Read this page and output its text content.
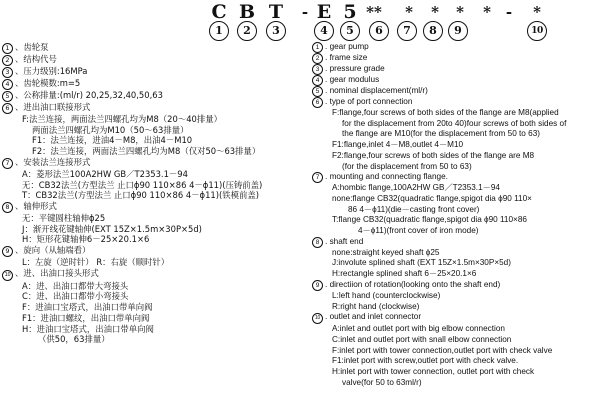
C B T	- E 5 **	*	*	*	* -	*
1	2	3	4	5	6	7	8	9	10
1 、齿轮泵
2 、结构代号
3 、压力级别:16MPa
4 、齿轮模数:m=5
5 、公称排量:(ml/r) 20,25,32,40,50,63
6 、进出油口联接形式
F:法兰连接，两面法兰四螺孔均为M8（20～40排量）
两面法兰四螺孔均为M10（50～63排量）
F1：法兰连接，进油4－M8，出油4－M10
F2：法兰连接，两面法兰四螺孔均为M8（仅对50～63排量）
7 、安装法兰连接形式
A：菱形法兰100A2HW GB／T2353.1－94
无：CB32法兰(方型法兰 止口ϕ90 110×86 4－ϕ11)(压铸前盖)
T：CB32法兰(方型法兰 止口ϕ90 110×86 4－ϕ11)(铁模前盖)
8 、轴伸形式
无：平键圆柱轴伸ϕ25
J：渐开线花键轴伸(EXT 15Z×1.5m×30P×5d)
H：矩形花键轴伸6－25×20.1×6
9 、旋向（从轴端看）
L：左旋（逆时针） R：右旋（顺时针）
10 、进、出油口接头形式
A：进、出油口都带大弯接头
C：进、出油口都带小弯接头
F：进油口宝塔式，出油口带单向阀
F1：进油口螺纹，出油口带单向阀
H：进油口宝塔式，出油口带单向阀
（供50，63排量）
1 . gear pump
2 . frame size
3 . pressure grade
4 . gear modulus
5 . nominal displacement(ml/r)
6 . type of port connection
F:flange,four screws of both sides of the flange are M8(applied
for the displacement from 20to 40)four screws of both sides of
the flange are M10(for the displacement from 50 to 63)
F1:flange,inlet 4－M8,outlet 4－M10
F2:flange,four screws of both sides of the flange are M8
(for the displacement from 50 to 63)
7 . mounting and connecting flange.
A:hombic flange,100A2HW GB／T2353.1－94
none:flange CB32(quadratic flange,spigot dia ϕ90 110×
86 4－ϕ11)(die－casting front cover)
T:flange CB32(quadratic flange,spigot dia ϕ90 110×86
4－ϕ11)(front cover of iron mode)
8 . shaft end
none:straight keyed shaft ϕ25
J:involute splined shaft (EXT 15Z×1.5m×30P×5d)
H:rectangle splined shaft 6－25×20.1×6
9 . directiion of rotation(looking onto the shaft end)
L:left hand (counterclockwise)
R:right hand (clockwise)
10 . outlet and inlet connector
A:inlet and outlet port with big elbow connection
C:inlet and outlet port with snall elbow connection
F:inlet port with tower connection,outlet port with check valve
F1:inlet port with screw,outlet port with check valve.
H:inlet port with tower connection, outlet port with check
valve(for 50 to 63ml/r)
